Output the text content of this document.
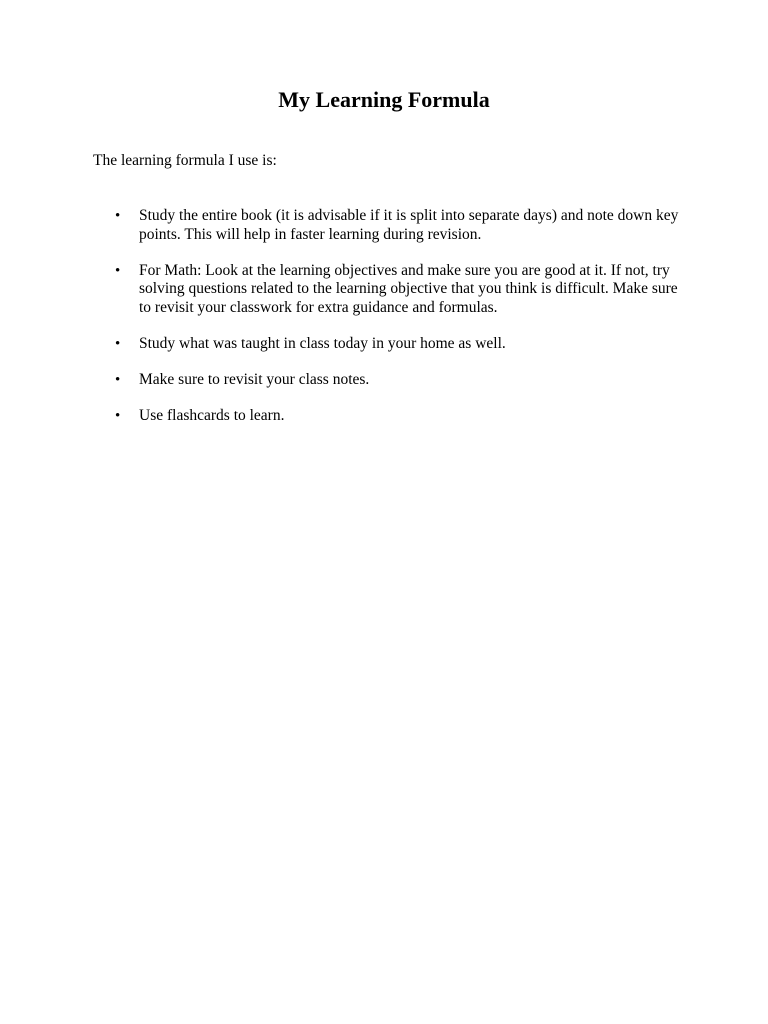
My Learning Formula

The learning formula I use is:

• Study the entire book (it is advisable if it is split into separate days) and note down key points. This will help in faster learning during revision.
• For Math: Look at the learning objectives and make sure you are good at it. If not, try solving questions related to the learning objective that you think is difficult. Make sure to revisit your classwork for extra guidance and formulas.
• Study what was taught in class today in your home as well.
• Make sure to revisit your class notes.
• Use flashcards to learn.
